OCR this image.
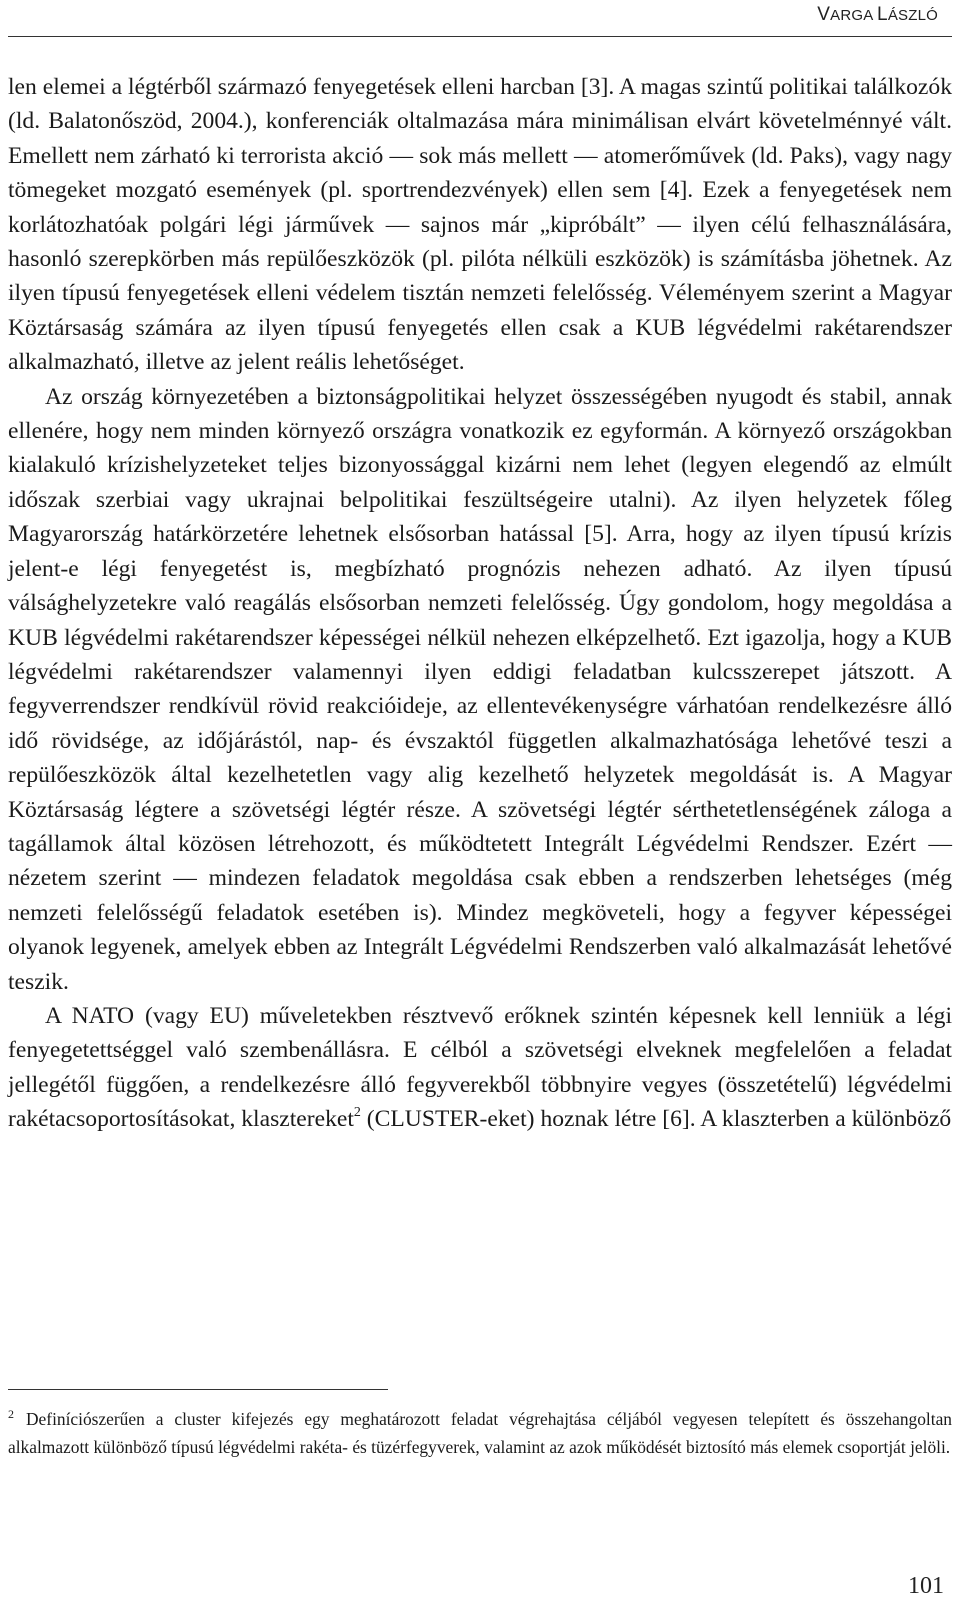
VARGA LÁSZLÓ

len elemei a légtérből származó fenyegetések elleni harcban [3]. A magas szintű politikai találkozók (ld. Balatonőszöd, 2004.), konferenciák oltalmazása mára minimálisan elvárt követelménnyé vált. Emellett nem zárható ki terrorista akció — sok más mellett — atomerőművek (ld. Paks), vagy nagy tömegeket mozgató események (pl. sportrendezvények) ellen sem [4]. Ezek a fenyegetések nem korlátozhatóak polgári légi járművek — sajnos már „kipróbált” — ilyen célú felhasználására, hasonló szerepkörben más repülőeszközök (pl. pilóta nélküli eszközök) is számításba jöhetnek. Az ilyen típusú fenyegetések elleni védelem tisztán nemzeti felelősség. Véleményem szerint a Magyar Köztársaság számára az ilyen típusú fenyegetés ellen csak a KUB légvédelmi rakétarendszer alkalmazható, illetve az jelent reális lehetőséget.

Az ország környezetében a biztonságpolitikai helyzet összességében nyugodt és stabil, annak ellenére, hogy nem minden környező országra vonatkozik ez egyformán. A környező országokban kialakuló krízishelyzeteket teljes bizonyossággal kizárni nem lehet (legyen elegendő az elmúlt időszak szerbiai vagy ukrajnai belpolitikai feszültségeire utalni). Az ilyen helyzetek főleg Magyarország határkörzetére lehetnek elsősorban hatással [5]. Arra, hogy az ilyen típusú krízis jelent-e légi fenyegetést is, megbízható prognózis nehezen adható. Az ilyen típusú válsághelyzetekre való reagálás elsősorban nemzeti felelősség. Úgy gondolom, hogy megoldása a KUB légvédelmi rakétarendszer képességei nélkül nehezen elképzelhető. Ezt igazolja, hogy a KUB légvédelmi rakétarendszer valamennyi ilyen eddigi feladatban kulcsszerepet játszott. A fegyverrendszer rendkívül rövid reakcióideje, az ellentevékenységre várhatóan rendelkezésre álló idő rövidsége, az időjárástól, nap- és évszaktól független alkalmazhatósága lehetővé teszi a repülőeszközök által kezelhetetlen vagy alig kezelhető helyzetek megoldását is. A Magyar Köztársaság légtere a szövetségi légtér része. A szövetségi légtér sérthetetlenségének záloga a tagállamok által közösen létrehozott, és működtetett Integrált Légvédelmi Rendszer. Ezért — nézetem szerint — mindezen feladatok megoldása csak ebben a rendszerben lehetséges (még nemzeti felelősségű feladatok esetében is). Mindez megköveteli, hogy a fegyver képességei olyanok legyenek, amelyek ebben az Integrált Légvédelmi Rendszerben való alkalmazását lehetővé teszik.

A NATO (vagy EU) műveletekben résztvevő erőknek szintén képesnek kell lenniük a légi fenyegetettséggel való szembenállásra. E célból a szövetségi elveknek megfelelően a feladat jellegétől függően, a rendelkezésre álló fegyverekből többnyire vegyes (összetételű) légvédelmi rakétacsoportosításokat, klasztereket$^2$ (CLUSTER-eket) hoznak létre [6]. A klaszterben a különböző

$^2$ Definíciószerűen a cluster kifejezés egy meghatározott feladat végrehajtása céljából vegyesen telepített és összehangoltan alkalmazott különböző típusú légvédelmi rakéta- és tüzérfegyverek, valamint az azok működését biztosító más elemek csoportját jelöli.
101
